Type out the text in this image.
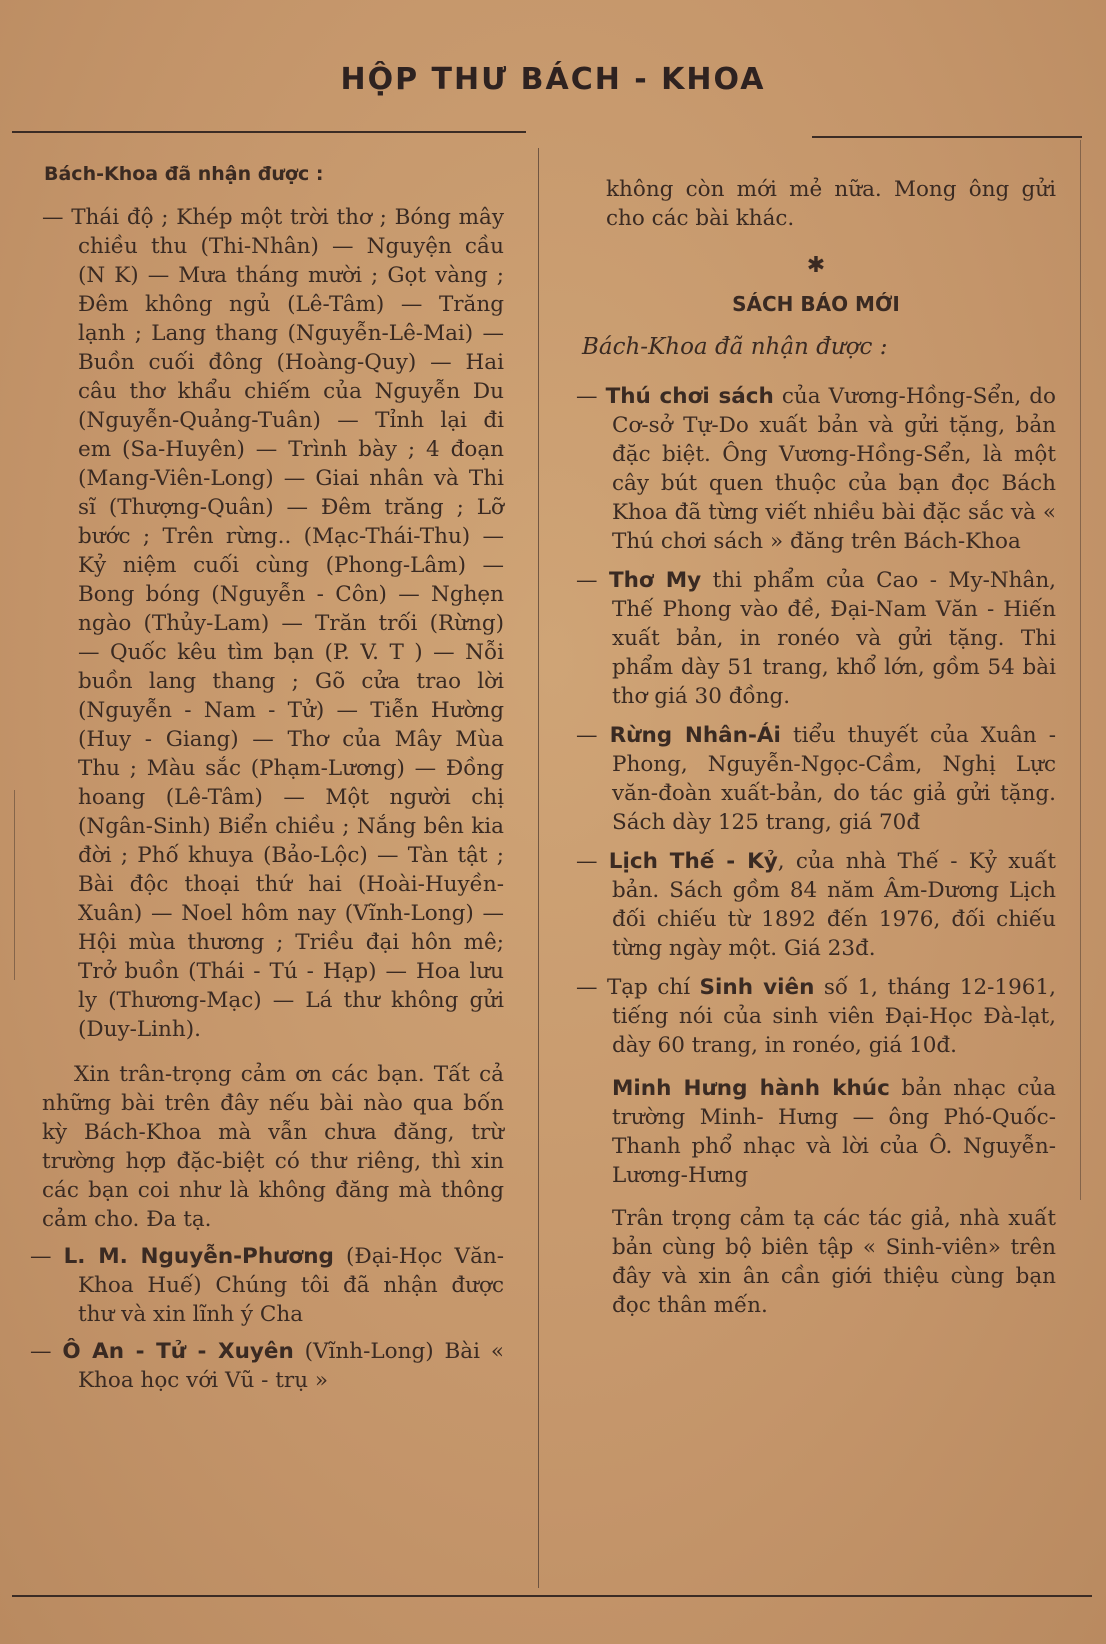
HỘP THƯ BÁCH - KHOA
Bách-Khoa đã nhận được :

— Thái độ ; Khép một trời thơ ; Bóng mây chiều thu (Thi-Nhân) — Nguyện cầu (N K) — Mưa tháng mười ; Gọt vàng ; Đêm không ngủ (Lê-Tâm) — Trăng lạnh ; Lang thang (Nguyễn-Lê-Mai) — Buồn cuối đông (Hoàng-Quy) — Hai câu thơ khẩu chiếm của Nguyễn Du (Nguyễn-Quảng-Tuân) — Tỉnh lại đi em (Sa-Huyên) — Trình bày ; 4 đoạn (Mang-Viên-Long) — Giai nhân và Thi sĩ (Thượng-Quân) — Đêm trăng ; Lỡ bước ; Trên rừng.. (Mạc-Thái-Thu) — Kỷ niệm cuối cùng (Phong-Lâm) — Bong bóng (Nguyễn - Côn) — Nghẹn ngào (Thủy-Lam) — Trăn trối (Rừng) — Quốc kêu tìm bạn (P. V. T ) — Nỗi buồn lang thang ; Gõ cửa trao lời (Nguyễn - Nam - Tử) — Tiễn Hường (Huy - Giang) — Thơ của Mây Mùa Thu ; Màu sắc (Phạm-Lương) — Đồng hoang (Lê-Tâm) — Một người chị (Ngân-Sinh) Biển chiều ; Nắng bên kia đời ; Phố khuya (Bảo-Lộc) — Tàn tật ; Bài độc thoại thứ hai (Hoài-Huyền-Xuân) — Noel hôm nay (Vĩnh-Long) — Hội mùa thương ; Triều đại hôn mê; Trở buồn (Thái - Tú - Hạp) — Hoa lưu ly (Thương-Mạc) — Lá thư không gửi (Duy-Linh).

Xin trân-trọng cảm ơn các bạn. Tất cả những bài trên đây nếu bài nào qua bốn kỳ Bách-Khoa mà vẫn chưa đăng, trừ trường hợp đặc-biệt có thư riêng, thì xin các bạn coi như là không đăng mà thông cảm cho. Đa tạ.

— L. M. Nguyễn-Phương (Đại-Học Văn-Khoa Huế) Chúng tôi đã nhận được thư và xin lĩnh ý Cha
— Ô An - Tử - Xuyên (Vĩnh-Long) Bài « Khoa học với Vũ - trụ »

không còn mới mẻ nữa. Mong ông gửi cho các bài khác.

✱
SÁCH BÁO MỚI
Bách-Khoa đã nhận được :
— Thú chơi sách của Vương-Hồng-Sển, do Cơ-sở Tự-Do xuất bản và gửi tặng, bản đặc biệt. Ông Vương-Hồng-Sển, là một cây bút quen thuộc của bạn đọc Bách Khoa đã từng viết nhiều bài đặc sắc và « Thú chơi sách » đăng trên Bách-Khoa
— Thơ My thi phẩm của Cao - My-Nhân, Thế Phong vào đề, Đại-Nam Văn - Hiến xuất bản, in ronéo và gửi tặng. Thi phẩm dày 51 trang, khổ lớn, gồm 54 bài thơ giá 30 đồng.
— Rừng Nhân-Ái tiểu thuyết của Xuân - Phong, Nguyễn-Ngọc-Cầm, Nghị Lực văn-đoàn xuất-bản, do tác giả gửi tặng. Sách dày 125 trang, giá 70đ
— Lịch Thế - Kỷ, của nhà Thế - Kỷ xuất bản. Sách gồm 84 năm Âm-Dương Lịch đối chiếu từ 1892 đến 1976, đối chiếu từng ngày một. Giá 23đ.
— Tạp chí Sinh viên số 1, tháng 12-1961, tiếng nói của sinh viên Đại-Học Đà-lạt, dày 60 trang, in ronéo, giá 10đ.
Minh Hưng hành khúc bản nhạc của trường Minh- Hưng — ông Phó-Quốc-Thanh phổ nhạc và lời của Ô. Nguyễn-Lương-Hưng

Trân trọng cảm tạ các tác giả, nhà xuất bản cùng bộ biên tập « Sinh-viên» trên đây và xin ân cần giới thiệu cùng bạn đọc thân mến.
